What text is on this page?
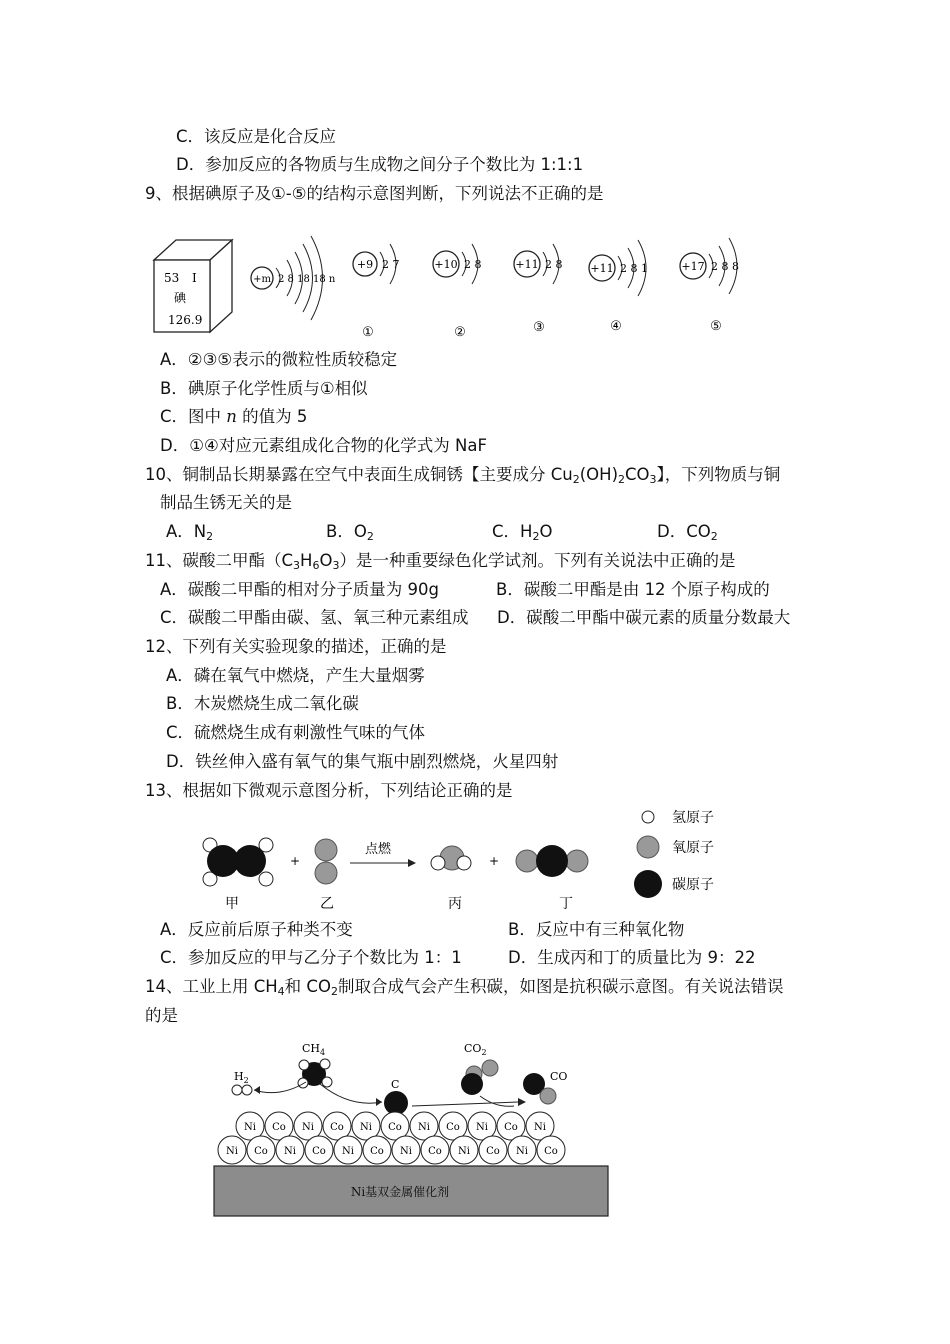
C．该反应是化合反应
D．参加反应的各物质与生成物之间分子个数比为 1:1:1
9、根据碘原子及①-⑤的结构示意图判断，下列说法不正确的是
53 I
碘
126.9
+m 2 8 18 18 n
+9 2 7
①
+10 2 8
②
+11 2 8
③
+11 2 8 1
④
+17 2 8 8
⑤
A．②③⑤表示的微粒性质较稳定
B．碘原子化学性质与①相似
C．图中 n 的值为 5
D．①④对应元素组成化合物的化学式为 NaF
10、铜制品长期暴露在空气中表面生成铜锈【主要成分 $Cu_2(OH)_2CO_3$】，下列物质与铜
制品生锈无关的是
A．$N_2$	B．$O_2$	C．$H_2O$	D．$CO_2$
11、碳酸二甲酯$(C_3H_6O_3)$是一种重要绿色化学试剂。下列有关说法中正确的是
A．碳酸二甲酯的相对分子质量为 90g	B．碳酸二甲酯是由 12 个原子构成的
C．碳酸二甲酯由碳、氢、氧三种元素组成 D．碳酸二甲酯中碳元素的质量分数最大
12、下列有关实验现象的描述，正确的是
A．磷在氧气中燃烧，产生大量烟雾
B．木炭燃烧生成二氧化碳
C．硫燃烧生成有刺激性气味的气体
D．铁丝伸入盛有氧气的集气瓶中剧烈燃烧，火星四射
13、根据如下微观示意图分析，下列结论正确的是
甲
+
乙
点燃
丙
+
丁
氢原子
氧原子
碳原子
A．反应前后原子种类不变	B．反应中有三种氧化物
C．参加反应的甲与乙分子个数比为 1：1	D．生成丙和丁的质量比为 9：22
14、工业上用 $CH_4$和 $CO_2$制取合成气会产生积碳，如图是抗积碳示意图。有关说法错误
的是
$H_2$
$CH_4$
C
$CO_2$
CO
Ni Co Ni Co Ni Co Ni Co Ni Co Ni
Ni Co Ni Co Ni Co Ni Co Ni Co Ni Co
Ni基双金属催化剂
